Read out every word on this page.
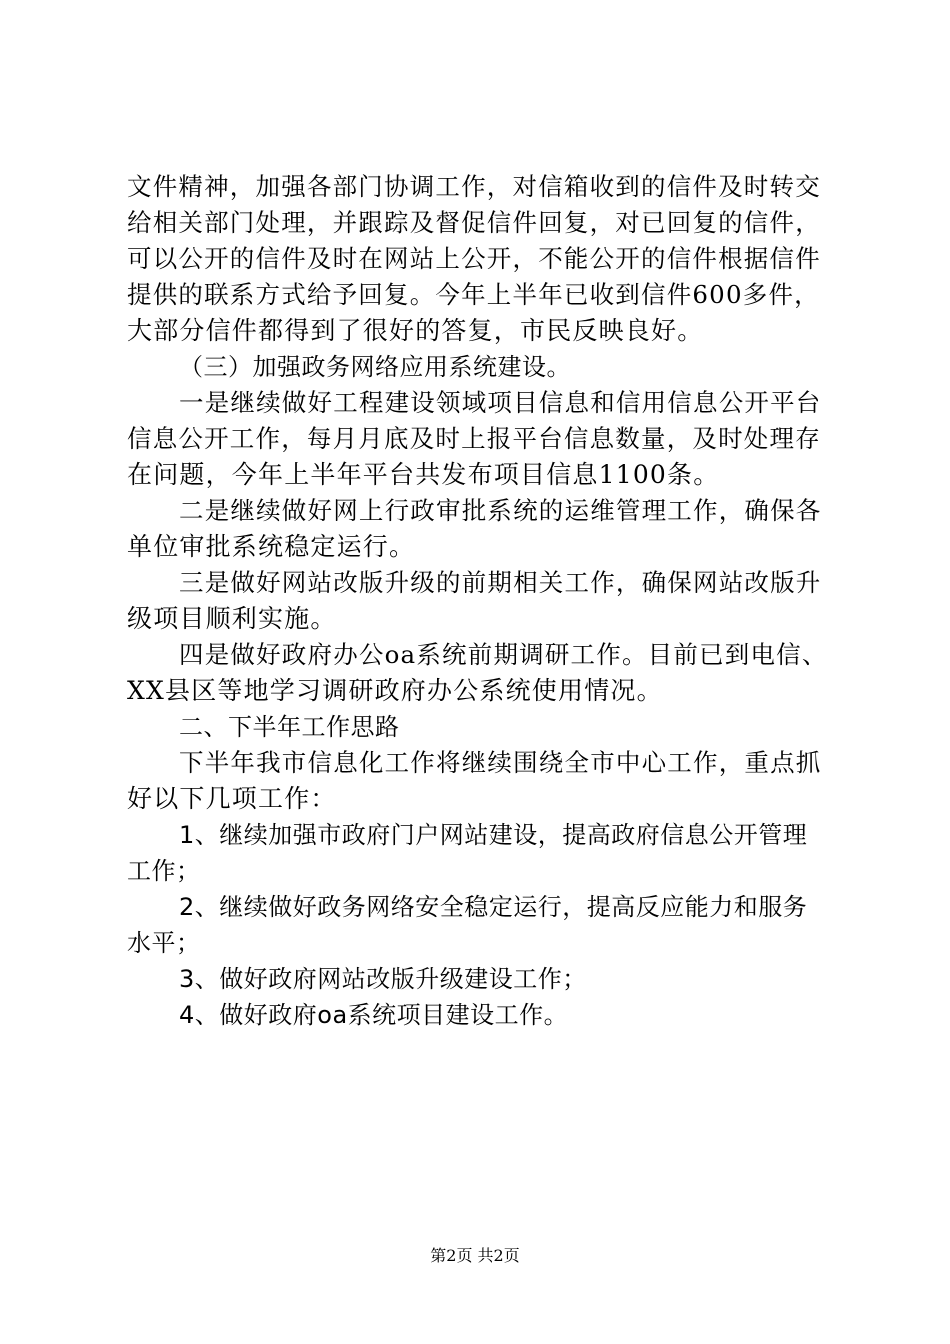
文件精神，加强各部门协调工作，对信箱收到的信件及时转交
给相关部门处理，并跟踪及督促信件回复，对已回复的信件，
可以公开的信件及时在网站上公开，不能公开的信件根据信件
提供的联系方式给予回复。今年上半年已收到信件600多件，
大部分信件都得到了很好的答复，市民反映良好。
（三）加强政务网络应用系统建设。
一是继续做好工程建设领域项目信息和信用信息公开平台
信息公开工作，每月月底及时上报平台信息数量，及时处理存
在问题，今年上半年平台共发布项目信息1100条。
二是继续做好网上行政审批系统的运维管理工作，确保各
单位审批系统稳定运行。
三是做好网站改版升级的前期相关工作，确保网站改版升
级项目顺利实施。
四是做好政府办公oa系统前期调研工作。目前已到电信、
XX县区等地学习调研政府办公系统使用情况。
二、下半年工作思路
下半年我市信息化工作将继续围绕全市中心工作，重点抓
好以下几项工作：
1、继续加强市政府门户网站建设，提高政府信息公开管理
工作；
2、继续做好政务网络安全稳定运行，提高反应能力和服务
水平；
3、做好政府网站改版升级建设工作；
4、做好政府oa系统项目建设工作。
第2页 共2页
